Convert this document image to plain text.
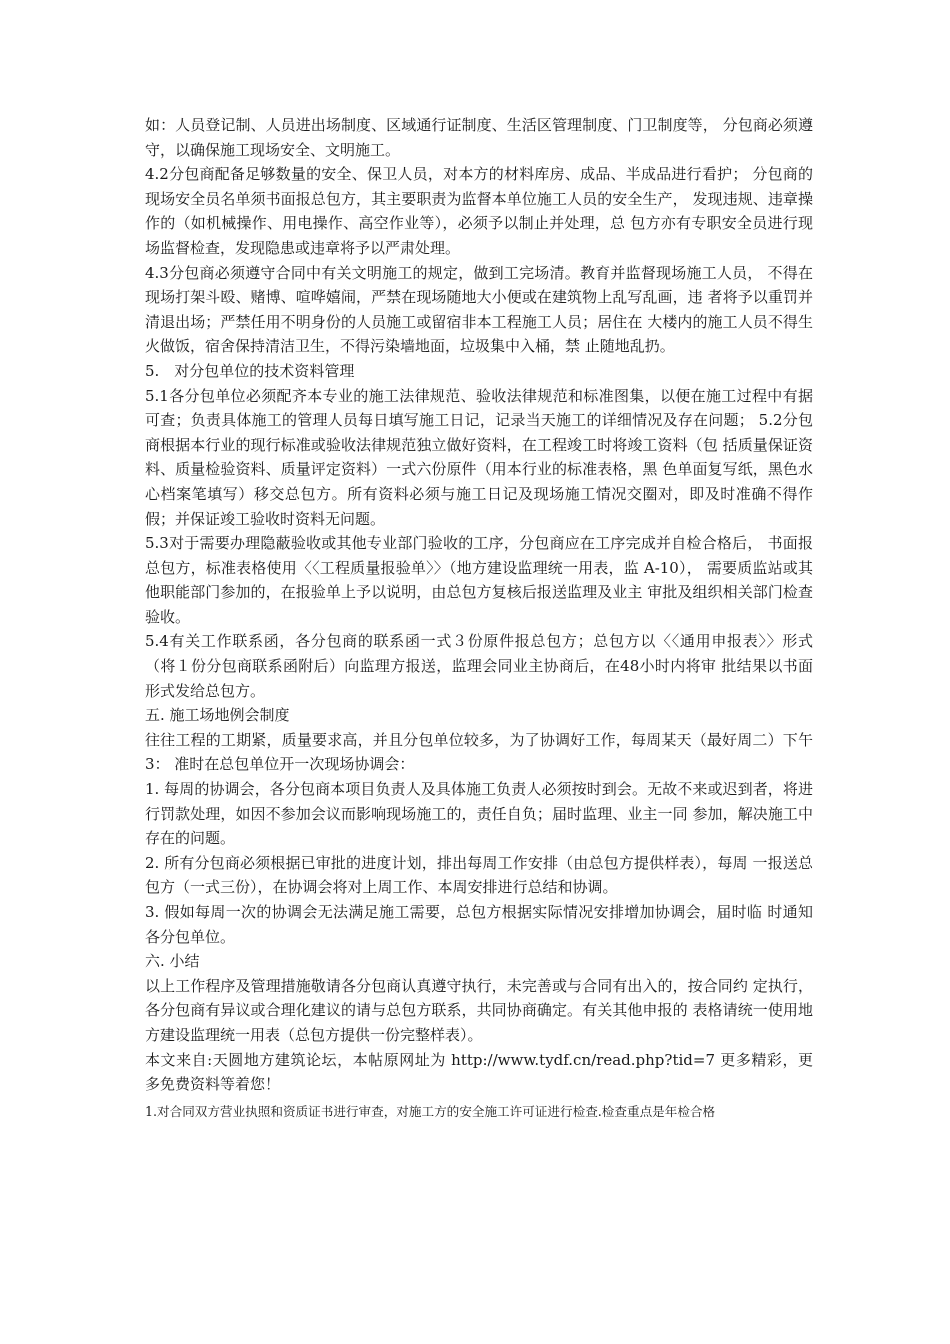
如：人员登记制、人员进出场制度、区域通行证制度、生活区管理制度、门卫制度等， 分包商必须遵守，以确保施工现场安全、文明施工。

4.2分包商配备足够数量的安全、保卫人员，对本方的材料库房、成品、半成品进行看护； 分包商的现场安全员名单须书面报总包方，其主要职责为监督本单位施工人员的安全生产， 发现违规、违章操作的（如机械操作、用电操作、高空作业等），必须予以制止并处理，总 包方亦有专职安全员进行现场监督检查，发现隐患或违章将予以严肃处理。

4.3分包商必须遵守合同中有关文明施工的规定，做到工完场清。教育并监督现场施工人员， 不得在现场打架斗殴、赌博、喧哗嬉闹，严禁在现场随地大小便或在建筑物上乱写乱画，违 者将予以重罚并清退出场；严禁任用不明身份的人员施工或留宿非本工程施工人员；居住在 大楼内的施工人员不得生火做饭，宿舍保持清洁卫生，不得污染墙地面，垃圾集中入桶，禁 止随地乱扔。

5.　对分包单位的技术资料管理

5.1各分包单位必须配齐本专业的施工法律规范、验收法律规范和标准图集，以便在施工过程中有据 可查；负责具体施工的管理人员每日填写施工日记，记录当天施工的详细情况及存在问题； 5.2分包商根据本行业的现行标准或验收法律规范独立做好资料，在工程竣工时将竣工资料（包 括质量保证资料、质量检验资料、质量评定资料）一式六份原件（用本行业的标准表格，黑 色单面复写纸，黑色水心档案笔填写）移交总包方。所有资料必须与施工日记及现场施工情况交圈对，即及时准确不得作假；并保证竣工验收时资料无问题。

5.3对于需要办理隐蔽验收或其他专业部门验收的工序，分包商应在工序完成并自检合格后， 书面报总包方，标准表格使用〈〈工程质量报验单〉〉（地方建设监理统一用表，监 A-10）， 需要质监站或其他职能部门参加的，在报验单上予以说明，由总包方复核后报送监理及业主 审批及组织相关部门检查验收。

5.4有关工作联系函，各分包商的联系函一式３份原件报总包方；总包方以〈〈通用申报表〉〉形式（将１份分包商联系函附后）向监理方报送，监理会同业主协商后，在48小时内将审 批结果以书面形式发给总包方。

五. 施工场地例会制度

往往工程的工期紧，质量要求高，并且分包单位较多，为了协调好工作，每周某天（最好周二）下午3： 准时在总包单位开一次现场协调会：

1. 每周的协调会，各分包商本项目负责人及具体施工负责人必须按时到会。无故不来或迟到者，将进行罚款处理，如因不参加会议而影响现场施工的，责任自负；届时监理、业主一同 参加，解决施工中存在的问题。

2. 所有分包商必须根据已审批的进度计划，排出每周工作安排（由总包方提供样表），每周 一报送总包方（一式三份），在协调会将对上周工作、本周安排进行总结和协调。

3. 假如每周一次的协调会无法满足施工需要，总包方根据实际情况安排增加协调会，届时临 时通知各分包单位。

六. 小结

以上工作程序及管理措施敬请各分包商认真遵守执行，未完善或与合同有出入的，按合同约 定执行，各分包商有异议或合理化建议的请与总包方联系，共同协商确定。有关其他申报的 表格请统一使用地方建设监理统一用表（总包方提供一份完整样表）。

本文来自:天圆地方建筑论坛，本帖原网址为 http://www.tydf.cn/read.php?tid=7 更多精彩，更多免费资料等着您！

1.对合同双方营业执照和资质证书进行审查，对施工方的安全施工许可证进行检查.检查重点是年检合格
